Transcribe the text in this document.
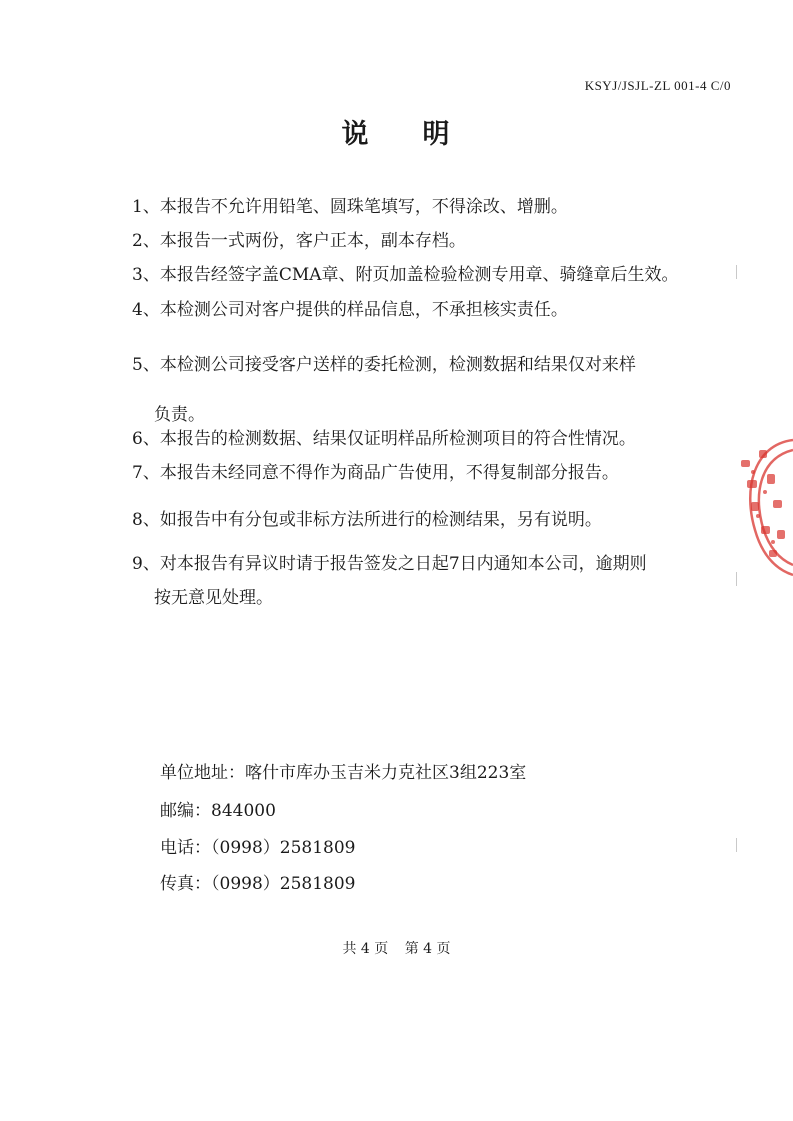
KSYJ/JSJL-ZL 001-4 C/0
说 明
1、本报告不允许用铅笔、圆珠笔填写，不得涂改、增删。
2、本报告一式两份，客户正本，副本存档。
3、本报告经签字盖CMA章、附页加盖检验检测专用章、骑缝章后生效。
4、本检测公司对客户提供的样品信息，不承担核实责任。
5、本检测公司接受客户送样的委托检测，检测数据和结果仅对来样
负责。
6、本报告的检测数据、结果仅证明样品所检测项目的符合性情况。
7、本报告未经同意不得作为商品广告使用，不得复制部分报告。
8、如报告中有分包或非标方法所进行的检测结果，另有说明。
9、对本报告有异议时请于报告签发之日起7日内通知本公司，逾期则
按无意见处理。
单位地址：喀什市库办玉吉米力克社区3组223室
邮编：844000
电话：（0998）2581809
传真：（0998）2581809
共 4 页 第 4 页
